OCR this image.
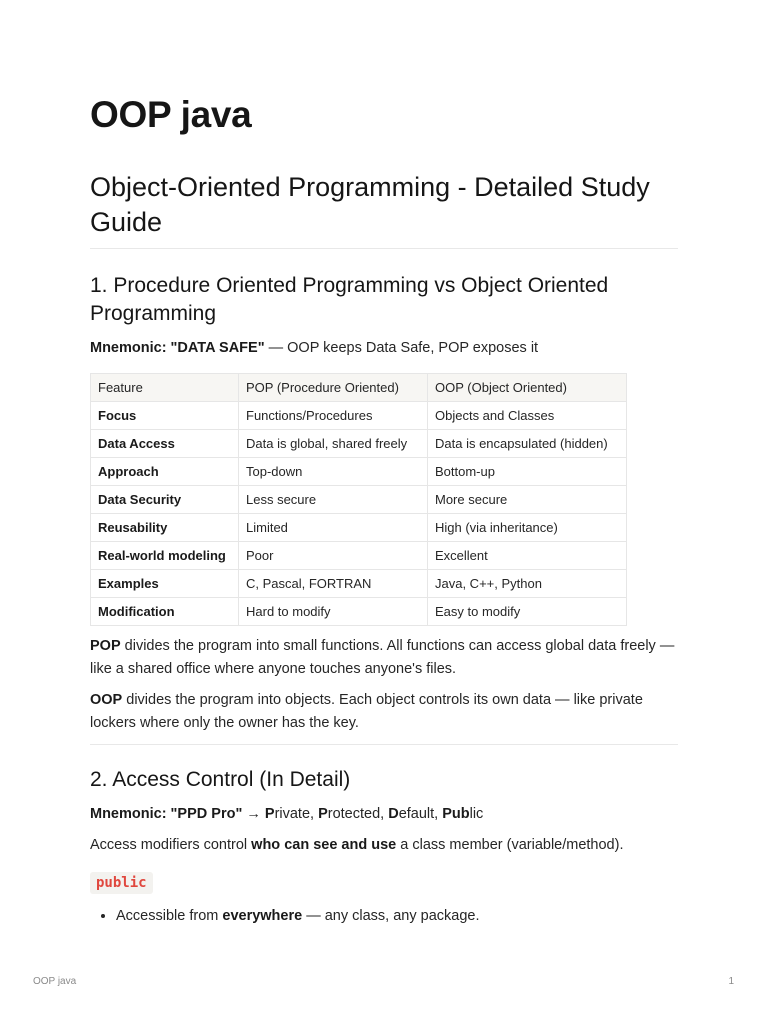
OOP java
Object-Oriented Programming - Detailed Study Guide
1. Procedure Oriented Programming vs Object Oriented Programming

Mnemonic: "DATA SAFE" — OOP keeps Data Safe, POP exposes it

Feature	POP (Procedure Oriented)	OOP (Object Oriented)
Focus	Functions/Procedures	Objects and Classes
Data Access	Data is global, shared freely	Data is encapsulated (hidden)
Approach	Top-down	Bottom-up
Data Security	Less secure	More secure
Reusability	Limited	High (via inheritance)
Real-world modeling	Poor	Excellent
Examples	C, Pascal, FORTRAN	Java, C++, Python
Modification	Hard to modify	Easy to modify

POP divides the program into small functions. All functions can access global data freely — like a shared office where anyone touches anyone's files.

OOP divides the program into objects. Each object controls its own data — like private lockers where only the owner has the key.

2. Access Control (In Detail)

Mnemonic: "PPD Pro" → Private, Protected, Default, Public

Access modifiers control who can see and use a class member (variable/method).

public
• Accessible from everywhere — any class, any package.
OOP java	1
